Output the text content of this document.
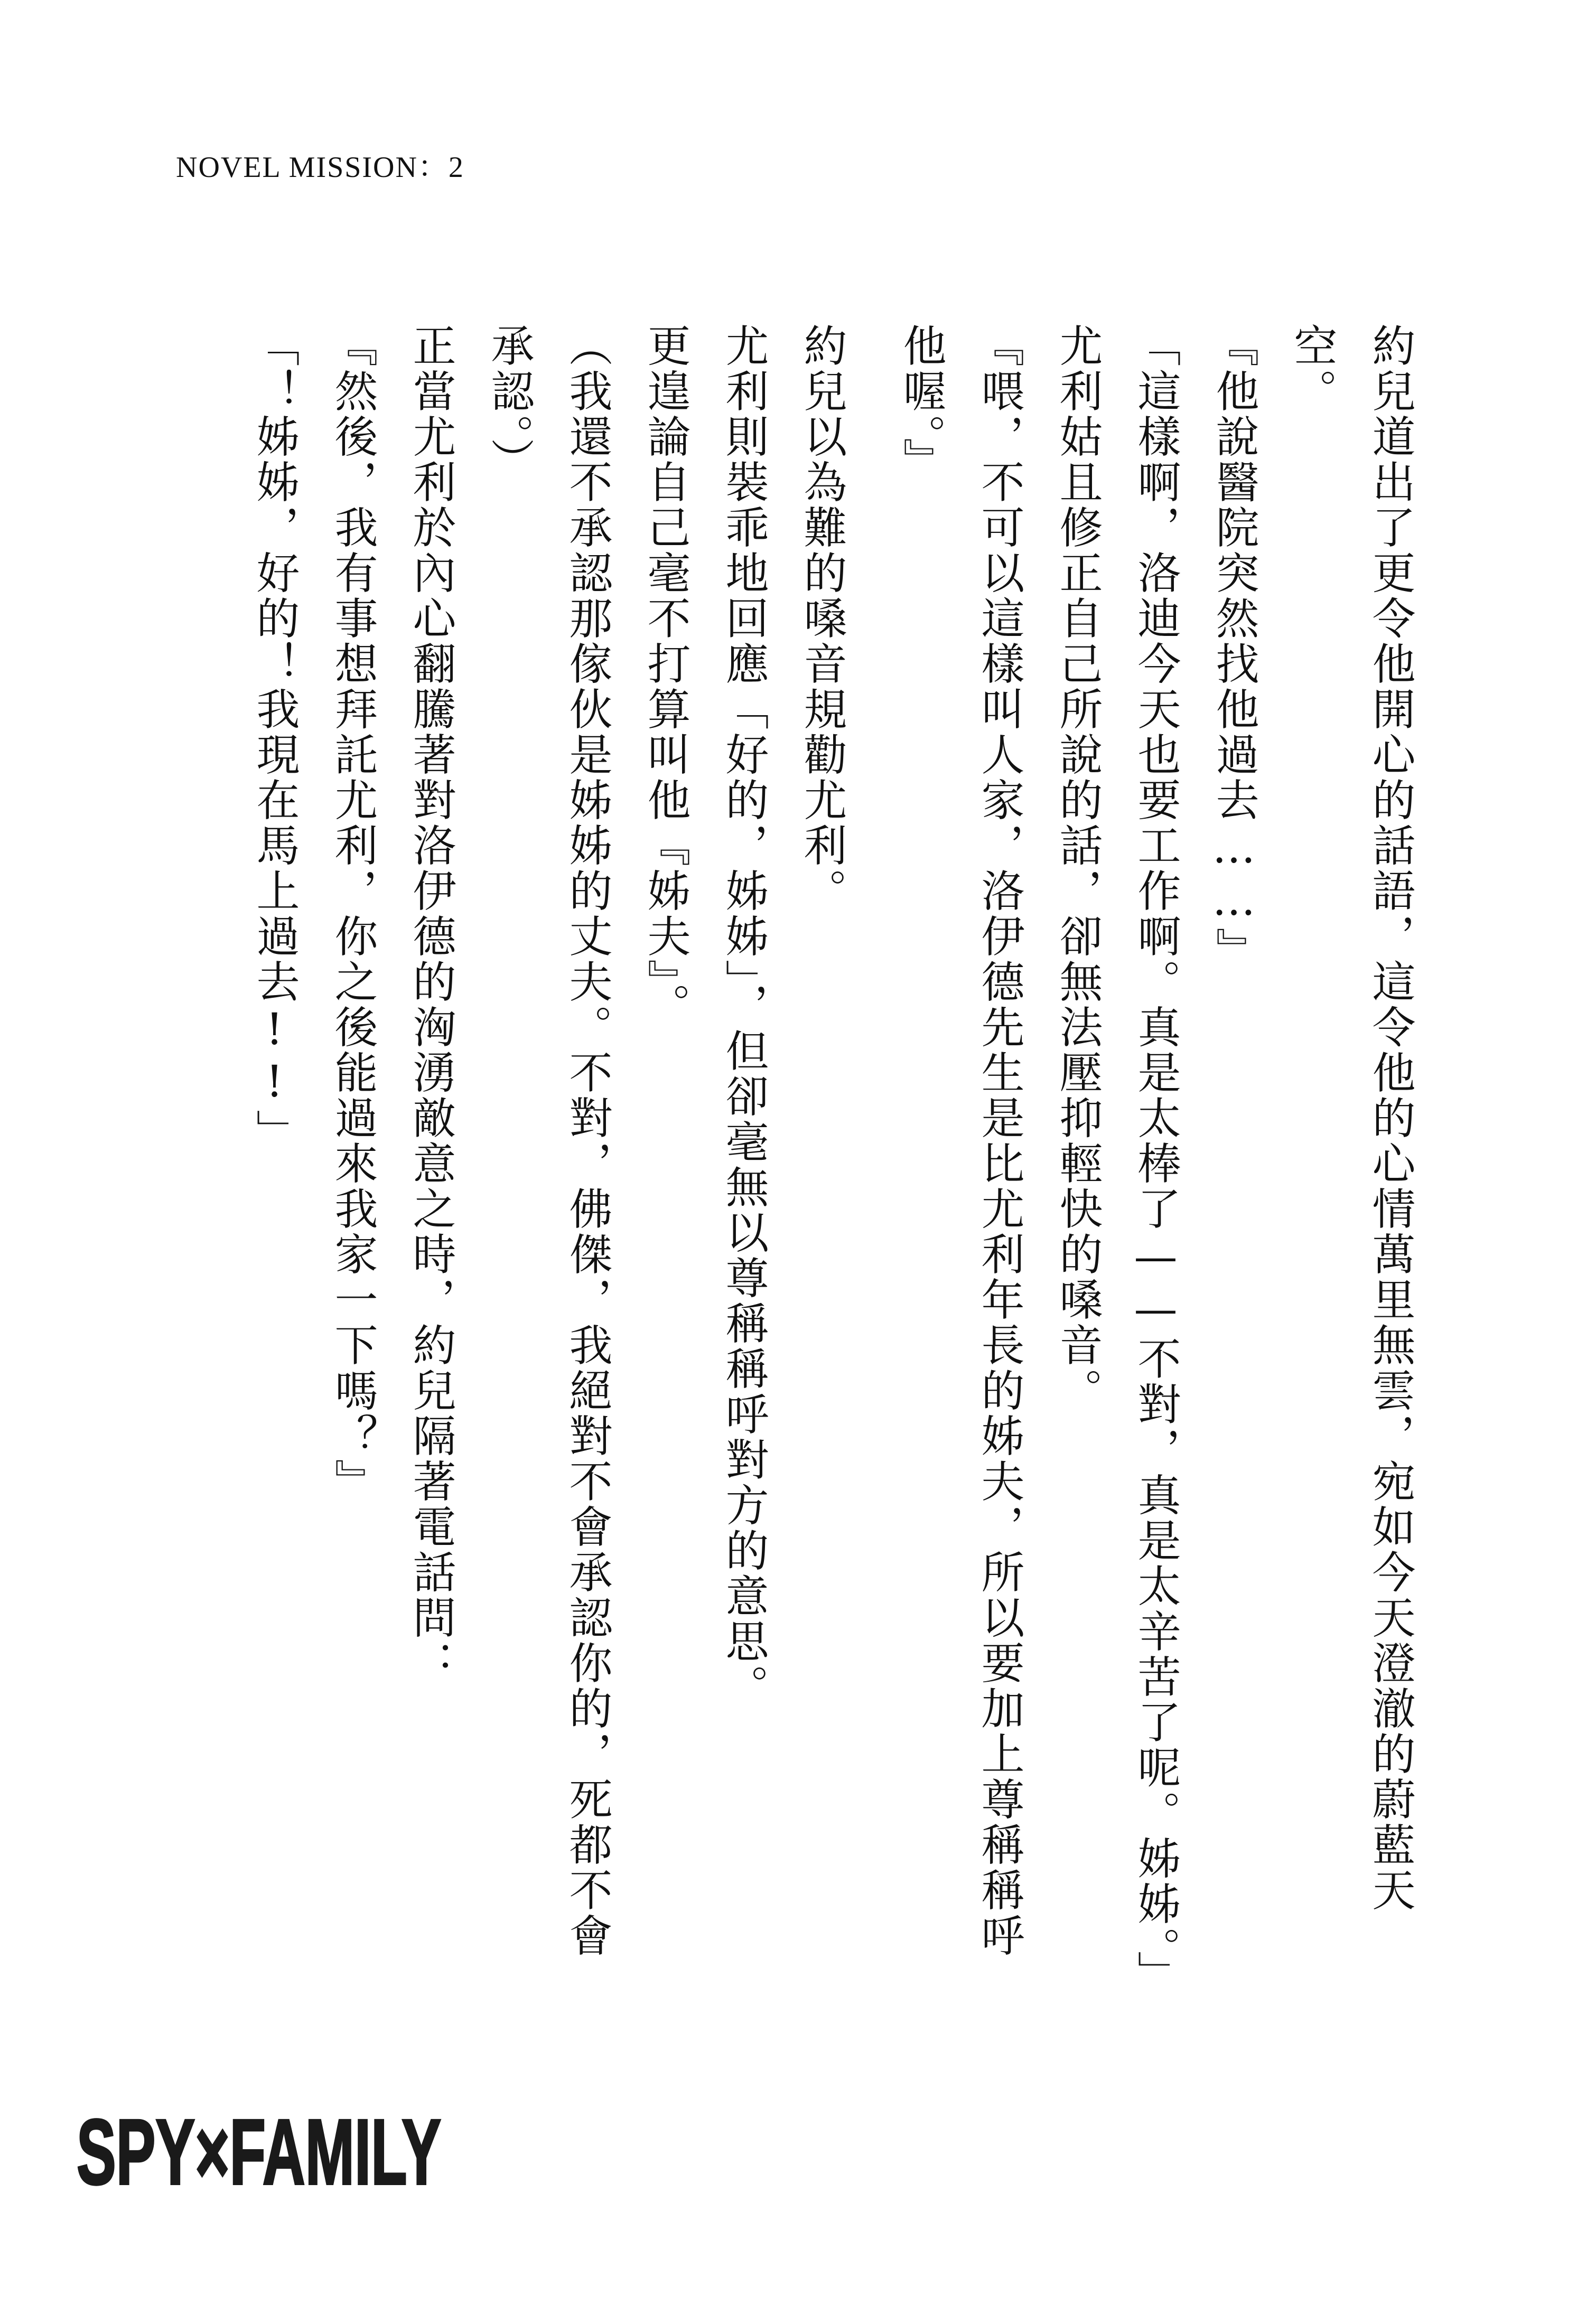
NOVEL MISSION：2

約兒道出了更令他開心的話語，這令他的心情萬里無雲，宛如今天澄澈的蔚藍天空。

『他說醫院突然找他過去……』

「這樣啊，洛迪今天也要工作啊。真是太棒了——不對，真是太辛苦了呢。姊姊。」

尤利姑且修正自己所說的話，卻無法壓抑輕快的嗓音。

『喂，不可以這樣叫人家，洛伊德先生是比尤利年長的姊夫，所以要加上尊稱稱呼他喔。』

約兒以為難的嗓音規勸尤利。

尤利則裝乖地回應「好的，姊姊」，但卻毫無以尊稱稱呼對方的意思。

更遑論自己毫不打算叫他『姊夫』。

（我還不承認那傢伙是姊姊的丈夫。不對，佛傑，我絕對不會承認你的，死都不會承認。）

正當尤利於內心翻騰著對洛伊德的洶湧敵意之時，約兒隔著電話問：

『然後，我有事想拜託尤利，你之後能過來我家一下嗎？』

「！姊姊，好的！我現在馬上過去!!」

SPY×FAMILY
